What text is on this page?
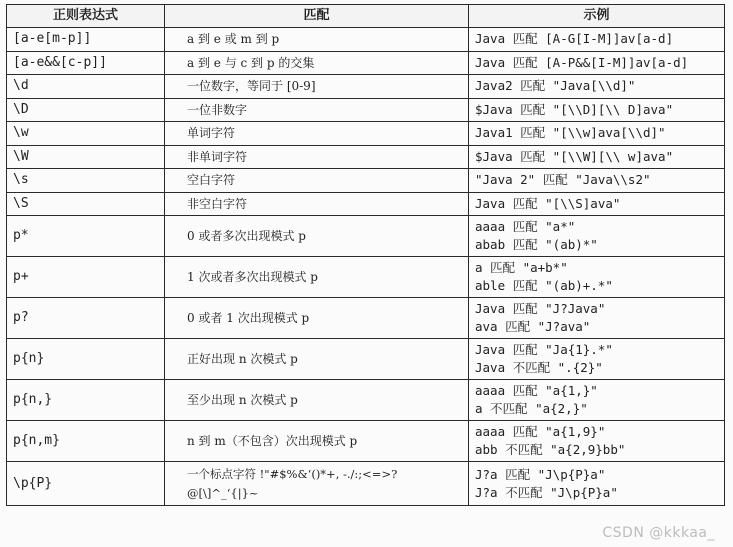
正则表达式	匹配	示例
[a-e[m-p]]	a 到 e 或 m 到 p	Java 匹配 [A-G[I-M]]av[a-d]

[a-e&&[c-p]]	a 到 e 与 c 到 p 的交集	Java 匹配 [A-P&&[I-M]]av[a-d]

\d	一位数字，等同于 [0-9]	Java2 匹配 "Java[\\d]"

\D	一位非数字	$Java 匹配 "[\\D][\\ D]ava"

\w	单词字符	Java1 匹配 "[\\w]ava[\\d]"

\W	非单词字符	$Java 匹配 "[\\W][\\ w]ava"

\s	空白字符	"Java 2" 匹配 "Java\\s2"

\S	非空白字符	Java 匹配 "[\\S]ava"

p*	0 或者多次出现模式 p	aaaa 匹配 "a*"
abab 匹配 "(ab)*"

p+	1 次或者多次出现模式 p	a 匹配 "a+b*"
able 匹配 "(ab)+.*"

p?	0 或者 1 次出现模式 p	Java 匹配 "J?Java"
ava 匹配 "J?ava"

p{n}	正好出现 n 次模式 p	Java 匹配 "Ja{1}.*"
Java 不匹配 ".{2}"

p{n,}	至少出现 n 次模式 p	aaaa 匹配 "a{1,}"
a 不匹配 "a{2,}"

p{n,m}	n 到 m（不包含）次出现模式 p	aaaa 匹配 "a{1,9}"
abb 不匹配 "a{2,9}bb"

\p{P}	一个标点字符 !"#$%&‘()*+, -./:;<=>?@[\]^_‘{|}~	J?a 匹配 "J\p{P}a"
J?a 不匹配 "J\p{P}a"
CSDN @kkkaa_
